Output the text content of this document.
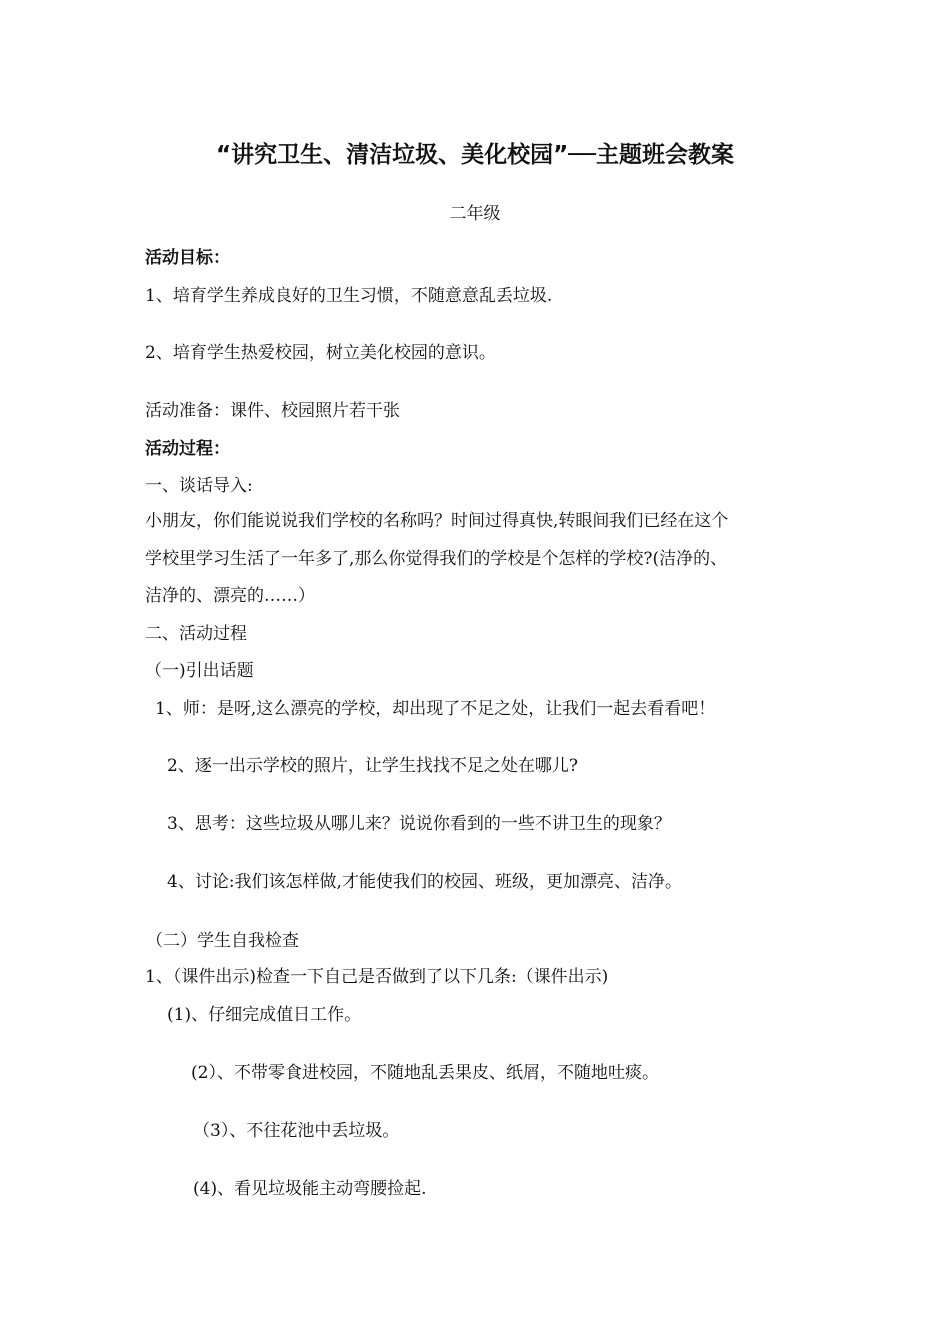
“讲究卫生、清洁垃圾、美化校园”──主题班会教案
二年级
活动目标：
1、培育学生养成良好的卫生习惯，不随意意乱丢垃圾.
2、培育学生热爱校园，树立美化校园的意识。
活动准备：课件、校园照片若干张
活动过程：
一、谈话导入:
小朋友，你们能说说我们学校的名称吗？时间过得真快,转眼间我们已经在这个
学校里学习生活了一年多了,那么你觉得我们的学校是个怎样的学校?(洁净的、
洁净的、漂亮的……）
二、活动过程
（一)引出话题
1、师：是呀,这么漂亮的学校，却出现了不足之处，让我们一起去看看吧！
2、逐一出示学校的照片，让学生找找不足之处在哪儿?
3、思考：这些垃圾从哪儿来？说说你看到的一些不讲卫生的现象？
4、讨论:我们该怎样做,才能使我们的校园、班级，更加漂亮、洁净。
（二）学生自我检查
1、（课件出示)检查一下自己是否做到了以下几条:（课件出示)
(1)、仔细完成值日工作。
(2）、不带零食进校园，不随地乱丢果皮、纸屑，不随地吐痰。
（3）、不往花池中丢垃圾。
(4)、看见垃圾能主动弯腰捡起.
